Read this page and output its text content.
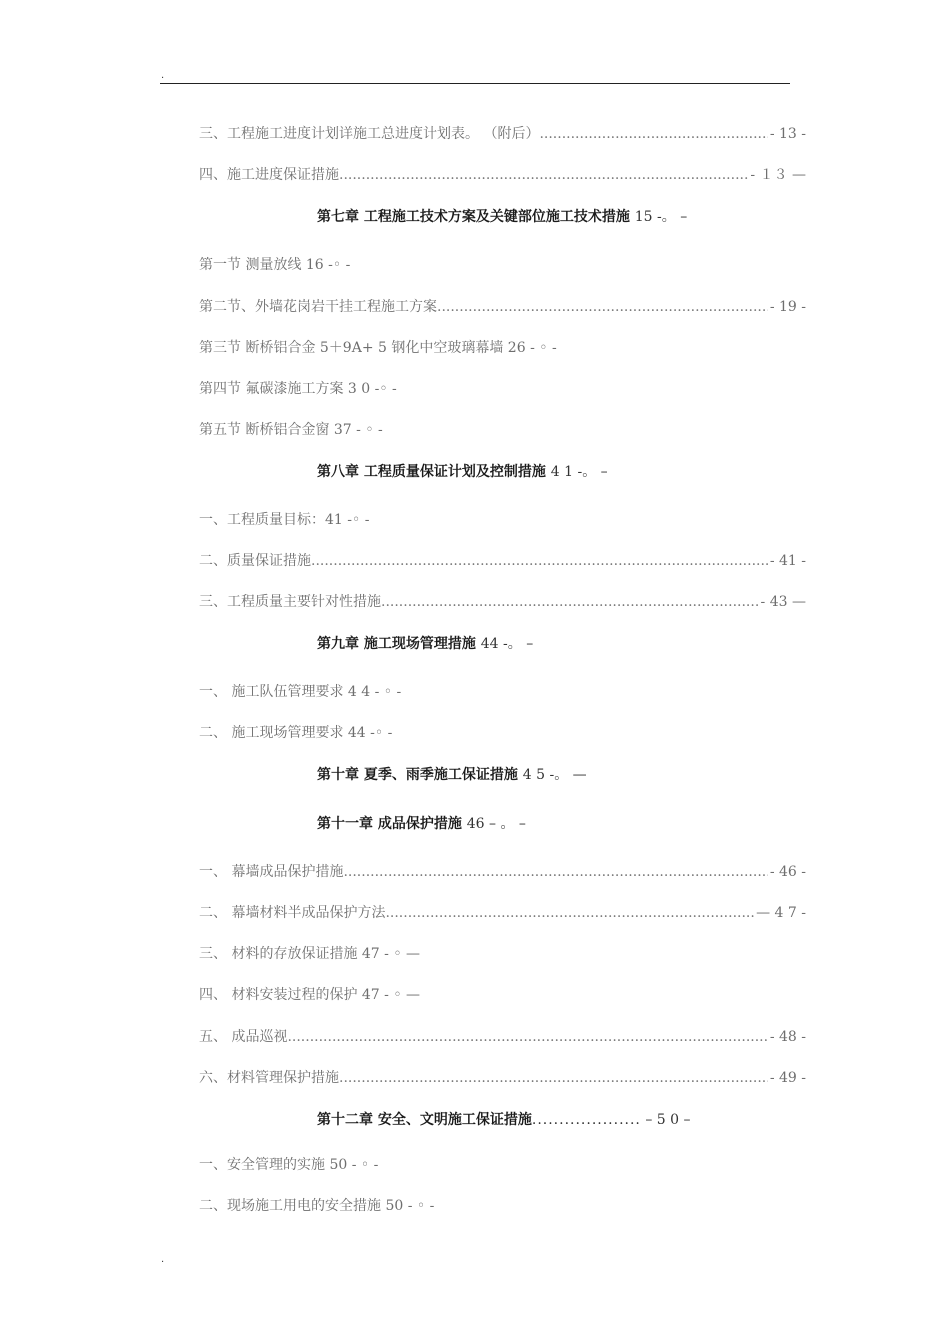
.
三、工程施工进度计划详施工总进度计划表。 （附后） .....	- 13 -
四、施工进度保证措施 .....	- １３ —
第七章 工程施工技术方案及关键部位施工技术措施 15 -。 –
第一节 测量放线 16 -◦ -
第二节、外墙花岗岩干挂工程施工方案 .....	- 19 -
第三节 断桥铝合金 5＋9A+ 5 钢化中空玻璃幕墙 26 - ◦ -
第四节 氟碳漆施工方案 3 0 -◦ -
第五节 断桥铝合金窗 37 - ◦ -
第八章 工程质量保证计划及控制措施 4 1 -。 –
一、工程质量目标：41 -◦ -
二、质量保证措施 .....	- 41 -
三、工程质量主要针对性措施 .....	- 43 —
第九章 施工现场管理措施 44 -。 –
一、 施工队伍管理要求 4 4 - ◦ -
二、 施工现场管理要求 44 -◦ -
第十章 夏季、雨季施工保证措施 4 5 -。 —
第十一章 成品保护措施 46 – 。 –
一、 幕墙成品保护措施 .....	- 46 -
二、 幕墙材料半成品保护方法 .....	— 4 7 -
三、 材料的存放保证措施 47 - ◦ —
四、 材料安装过程的保护 47 - ◦ —
五、 成品巡视 .....	- 48 -
六、材料管理保护措施 .....	- 49 -
第十二章 安全、文明施工保证措施.................... – 5 0 –
一、安全管理的实施 50 - ◦ -
二、现场施工用电的安全措施 50 - ◦ -
.
